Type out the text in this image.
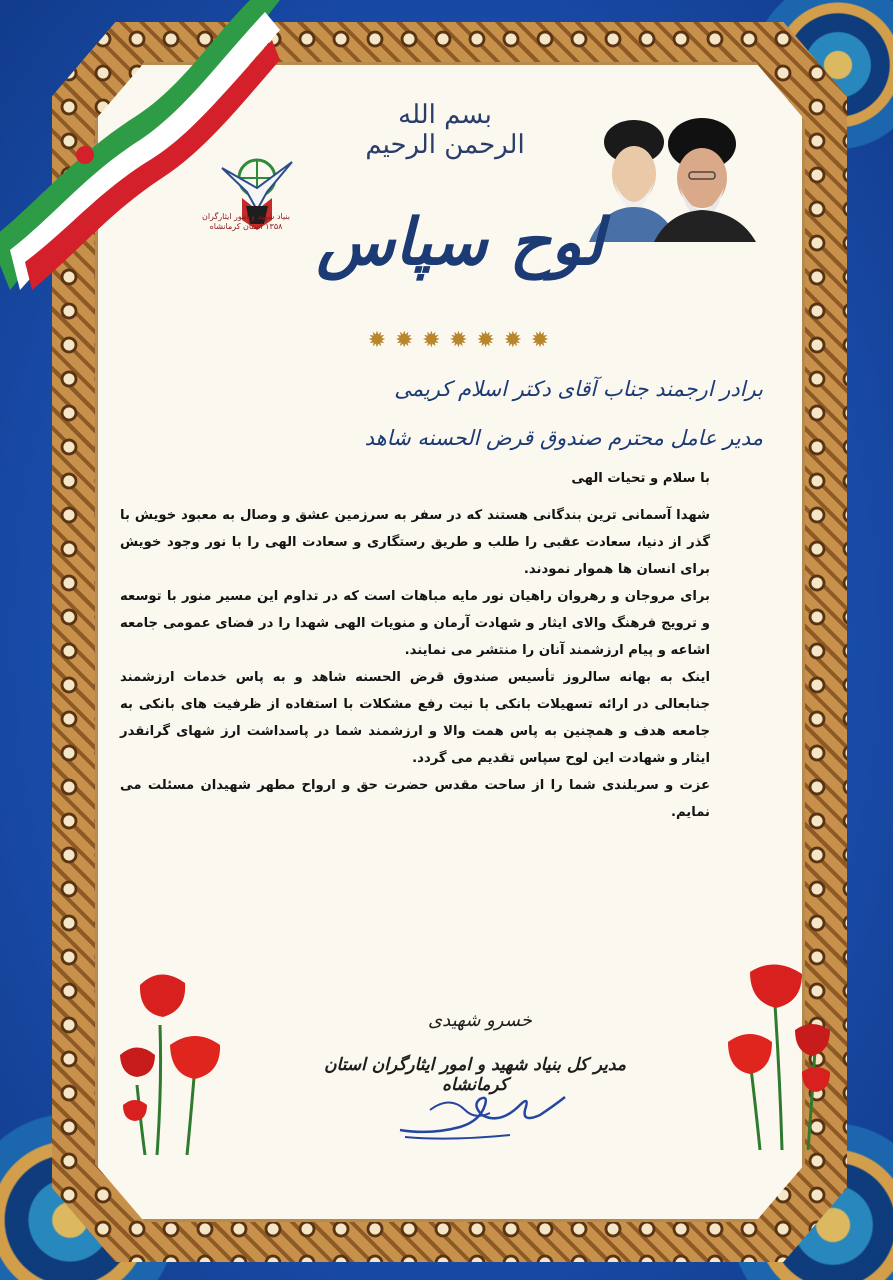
بنیاد شهید و امور ایثارگران ۱۳۵۸ استان کرمانشاه
بسم الله الرحمن الرحیم
لوح سپاس
✹ ✹ ✹ ✹ ✹ ✹ ✹
برادر ارجمند جناب آقای دکتر اسلام کریمی
مدیر عامل محترم صندوق قرض الحسنه شاهد

با سلام و تحیات الهی

شهدا آسمانی ترین بندگانی هستند که در سفر به سرزمین عشق و وصال به معبود خویش با گذر از دنیا، سعادت عقبی را طلب و طریق رستگاری و سعادت الهی را با نور وجود خویش برای انسان ها هموار نمودند.

برای مروجان و رهروان راهیان نور مایه مباهات است که در تداوم این مسیر منور با توسعه و ترویج فرهنگ والای ایثار و شهادت آرمان و منویات الهی شهدا را در فضای عمومی جامعه اشاعه و پیام ارزشمند آنان را منتشر می نمایند.

اینک به بهانه سالروز تأسیس صندوق قرض الحسنه شاهد و به پاس خدمات ارزشمند جنابعالی در ارائه تسهیلات بانکی با نیت رفع مشکلات با استفاده از ظرفیت های بانکی به جامعه هدف و همچنین به پاس همت والا و ارزشمند شما در پاسداشت ارز شهای گرانقدر ایثار و شهادت این لوح سپاس تقدیم می گردد.

عزت و سربلندی شما را از ساحت مقدس حضرت حق و ارواح مطهر شهیدان مسئلت می نمایم.

خسرو شهیدی
مدیر کل بنیاد شهید و امور ایثارگران استان کرمانشاه
